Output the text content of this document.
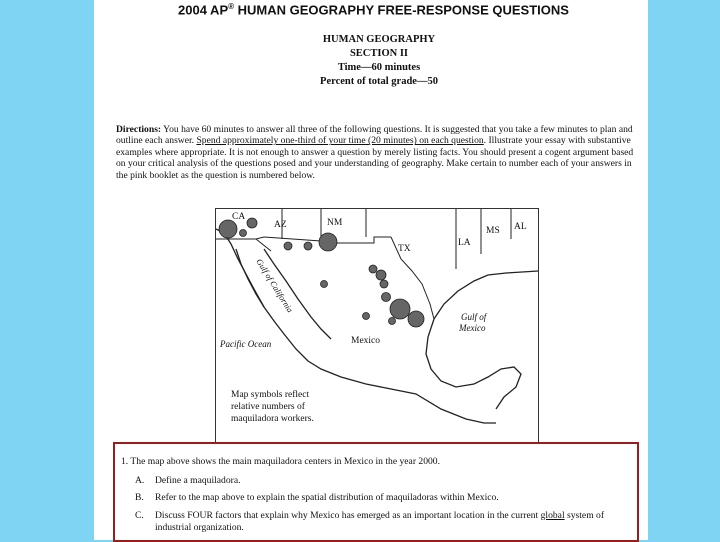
2004 AP® HUMAN GEOGRAPHY FREE-RESPONSE QUESTIONS
HUMAN GEOGRAPHY
SECTION II
Time—60 minutes
Percent of total grade—50
Directions: You have 60 minutes to answer all three of the following questions. It is suggested that you take a few minutes to plan and outline each answer. Spend approximately one-third of your time (20 minutes) on each question. Illustrate your essay with substantive examples where appropriate. It is not enough to answer a question by merely listing facts. You should present a cogent argument based on your critical analysis of the questions posed and your understanding of geography. Make certain to number each of your answers in the pink booklet as the question is numbered below.
CA
AZ	NM
TX
LA
MS AL
Gulf of California
Pacific Ocean	Mexico
Gulf of
Mexico
Map symbols reflect
relative numbers of
maquiladora workers.
1. The map above shows the main maquiladora centers in Mexico in the year 2000.
A. Define a maquiladora.
B. Refer to the map above to explain the spatial distribution of maquiladoras within Mexico.
C. Discuss FOUR factors that explain why Mexico has emerged as an important location in the current global system of industrial organization.
